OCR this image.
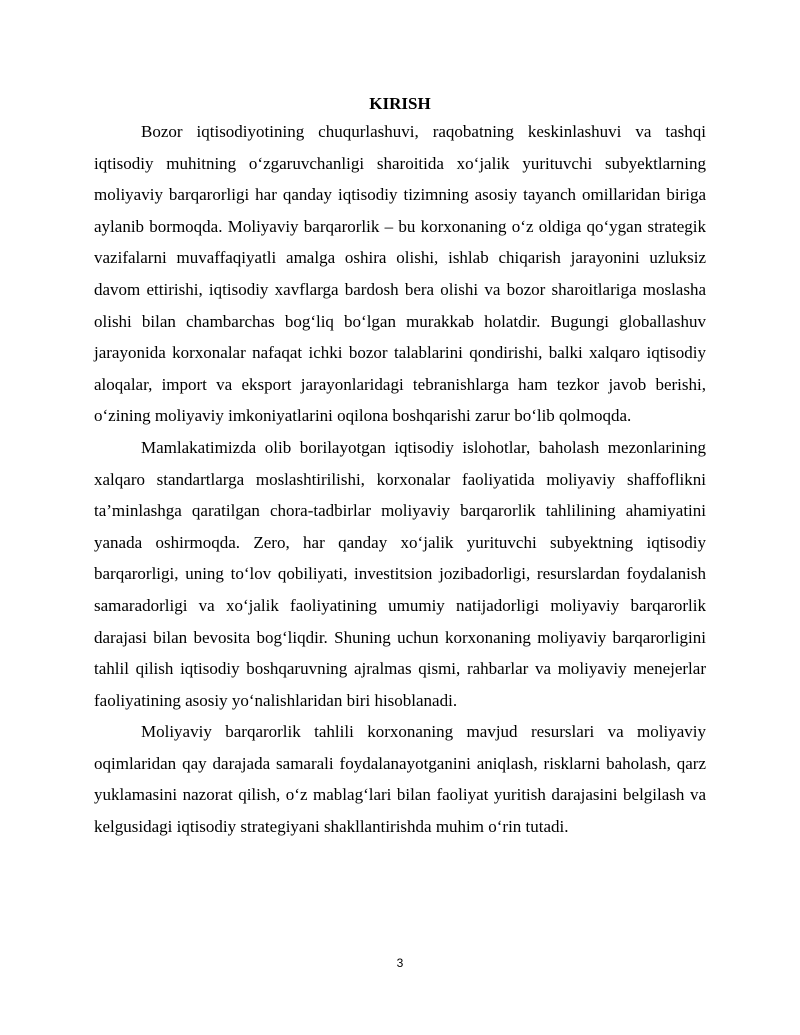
KIRISH

Bozor iqtisodiyotining chuqurlashuvi, raqobatning keskinlashuvi va tashqi iqtisodiy muhitning o‘zgaruvchanligi sharoitida xo‘jalik yurituvchi subyektlarning moliyaviy barqarorligi har qanday iqtisodiy tizimning asosiy tayanch omillaridan biriga aylanib bormoqda. Moliyaviy barqarorlik – bu korxonaning o‘z oldiga qo‘ygan strategik vazifalarni muvaffaqiyatli amalga oshira olishi, ishlab chiqarish jarayonini uzluksiz davom ettirishi, iqtisodiy xavflarga bardosh bera olishi va bozor sharoitlariga moslasha olishi bilan chambarchas bog‘liq bo‘lgan murakkab holatdir. Bugungi globallashuv jarayonida korxonalar nafaqat ichki bozor talablarini qondirishi, balki xalqaro iqtisodiy aloqalar, import va eksport jarayonlaridagi tebranishlarga ham tezkor javob berishi, o‘zining moliyaviy imkoniyatlarini oqilona boshqarishi zarur bo‘lib qolmoqda.

Mamlakatimizda olib borilayotgan iqtisodiy islohotlar, baholash mezonlarining xalqaro standartlarga moslashtirilishi, korxonalar faoliyatida moliyaviy shaffoflikni ta’minlashga qaratilgan chora-tadbirlar moliyaviy barqarorlik tahlilining ahamiyatini yanada oshirmoqda. Zero, har qanday xo‘jalik yurituvchi subyektning iqtisodiy barqarorligi, uning to‘lov qobiliyati, investitsion jozibadorligi, resurslardan foydalanish samaradorligi va xo‘jalik faoliyatining umumiy natijadorligi moliyaviy barqarorlik darajasi bilan bevosita bog‘liqdir. Shuning uchun korxonaning moliyaviy barqarorligini tahlil qilish iqtisodiy boshqaruvning ajralmas qismi, rahbarlar va moliyaviy menejerlar faoliyatining asosiy yo‘nalishlaridan biri hisoblanadi.

Moliyaviy barqarorlik tahlili korxonaning mavjud resurslari va moliyaviy oqimlaridan qay darajada samarali foydalanayotganini aniqlash, risklarni baholash, qarz yuklamasini nazorat qilish, o‘z mablag‘lari bilan faoliyat yuritish darajasini belgilash va kelgusidagi iqtisodiy strategiyani shakllantirishda muhim o‘rin tutadi.

3
